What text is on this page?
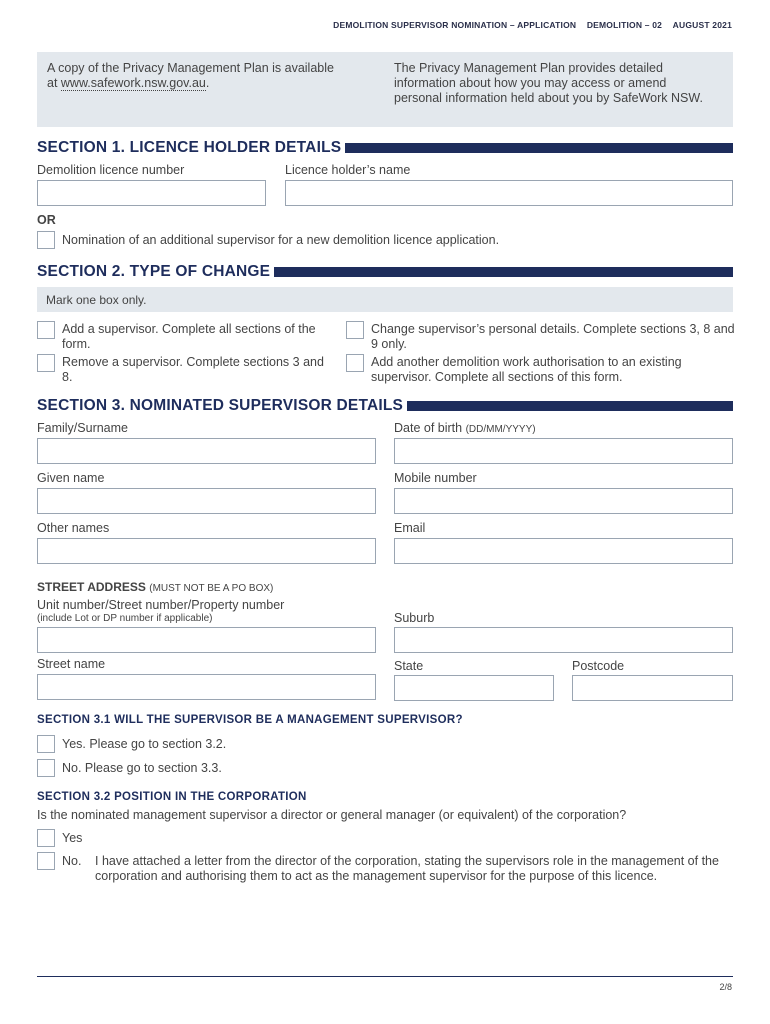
DEMOLITION SUPERVISOR NOMINATION – APPLICATION DEMOLITION – 02 AUGUST 2021
A copy of the Privacy Management Plan is available at www.safework.nsw.gov.au.
The Privacy Management Plan provides detailed information about how you may access or amend personal information held about you by SafeWork NSW.
SECTION 1. LICENCE HOLDER DETAILS
Demolition licence number	Licence holder’s name
OR
Nomination of an additional supervisor for a new demolition licence application.
SECTION 2. TYPE OF CHANGE
Mark one box only.
Add a supervisor. Complete all sections of the form.
Remove a supervisor. Complete sections 3 and 8.
Change supervisor’s personal details. Complete sections 3, 8 and 9 only.
Add another demolition work authorisation to an existing supervisor. Complete all sections of this form.
SECTION 3. NOMINATED SUPERVISOR DETAILS
Family/Surname	Date of birth (DD/MM/YYYY)
Given name	Mobile number
Other names	Email
STREET ADDRESS (MUST NOT BE A PO BOX)
Unit number/Street number/Property number
(include Lot or DP number if applicable)	Suburb
Street name	State	Postcode
SECTION 3.1 WILL THE SUPERVISOR BE A MANAGEMENT SUPERVISOR?
Yes. Please go to section 3.2.
No. Please go to section 3.3.
SECTION 3.2 POSITION IN THE CORPORATION
Is the nominated management supervisor a director or general manager (or equivalent) of the corporation?
Yes
No. I have attached a letter from the director of the corporation, stating the supervisors role in the management of the corporation and authorising them to act as the management supervisor for the purpose of this licence.
2/8
